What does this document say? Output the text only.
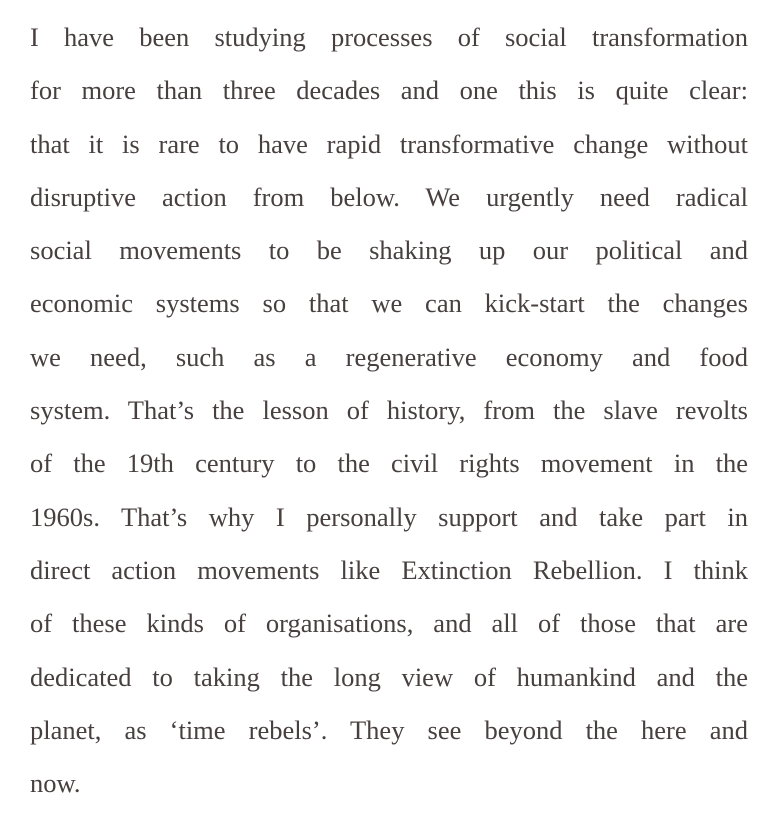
I have been studying processes of social transformation
for more than three decades and one this is quite clear:
that it is rare to have rapid transformative change without
disruptive action from below. We urgently need radical
social movements to be shaking up our political and
economic systems so that we can kick-start the changes
we need, such as a regenerative economy and food
system. That’s the lesson of history, from the slave revolts
of the 19th century to the civil rights movement in the
1960s. That’s why I personally support and take part in
direct action movements like Extinction Rebellion. I think
of these kinds of organisations, and all of those that are
dedicated to taking the long view of humankind and the
planet, as ‘time rebels’. They see beyond the here and
now.
